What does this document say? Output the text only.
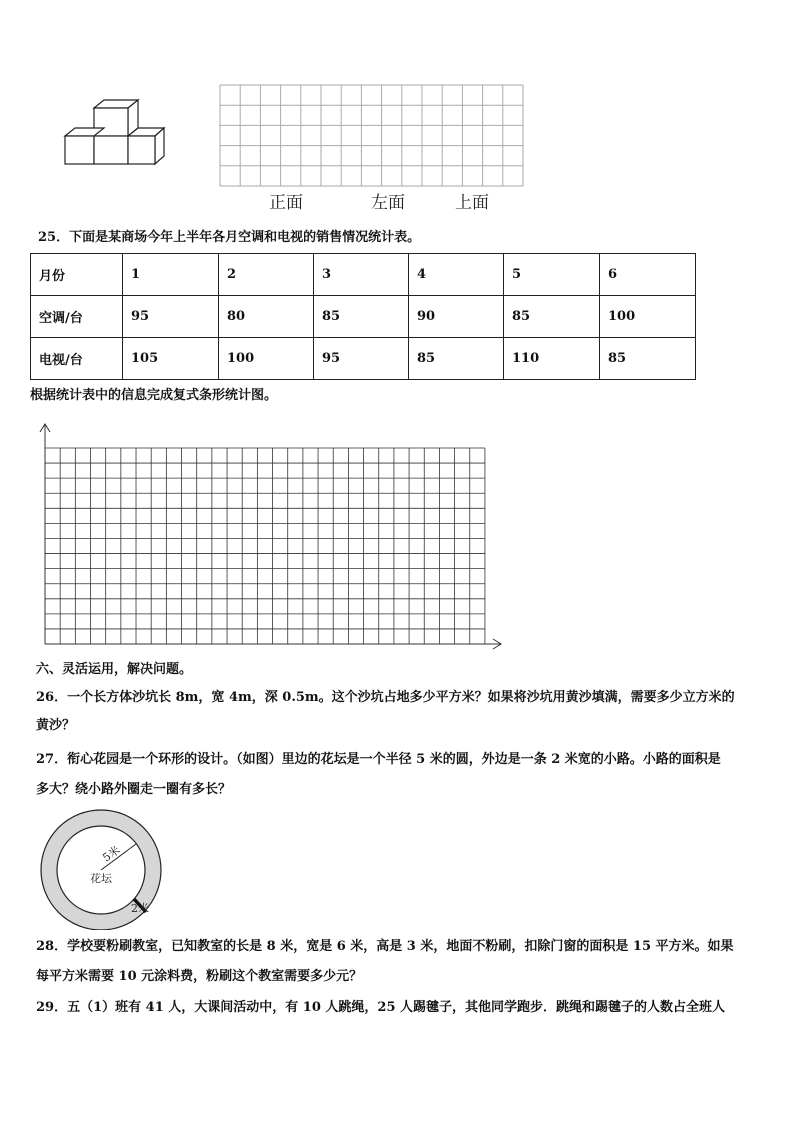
正面	左面	上面
25．下面是某商场今年上半年各月空调和电视的销售情况统计表。
月份	1	2	3	4	5	6
空调/台	95	80	85	90	85	100
电视/台	105	100	95	85	110	85
根据统计表中的信息完成复式条形统计图。
六、灵活运用，解决问题。
26．一个长方体沙坑长 8m，宽 4m，深 0.5m。这个沙坑占地多少平方米？如果将沙坑用黄沙填满，需要多少立方米的
黄沙？
27．衔心花园是一个环形的设计。（如图）里边的花坛是一个半径 5 米的圆，外边是一条 2 米宽的小路。小路的面积是
多大？绕小路外圈走一圈有多长？
5米
花坛
2米
28．学校要粉刷教室，已知教室的长是 8 米，宽是 6 米，高是 3 米，地面不粉刷，扣除门窗的面积是 15 平方米。如果
每平方米需要 10 元涂料费，粉刷这个教室需要多少元？
29．五（1）班有 41 人，大课间活动中，有 10 人跳绳，25 人踢毽子，其他同学跑步．跳绳和踢毽子的人数占全班人
